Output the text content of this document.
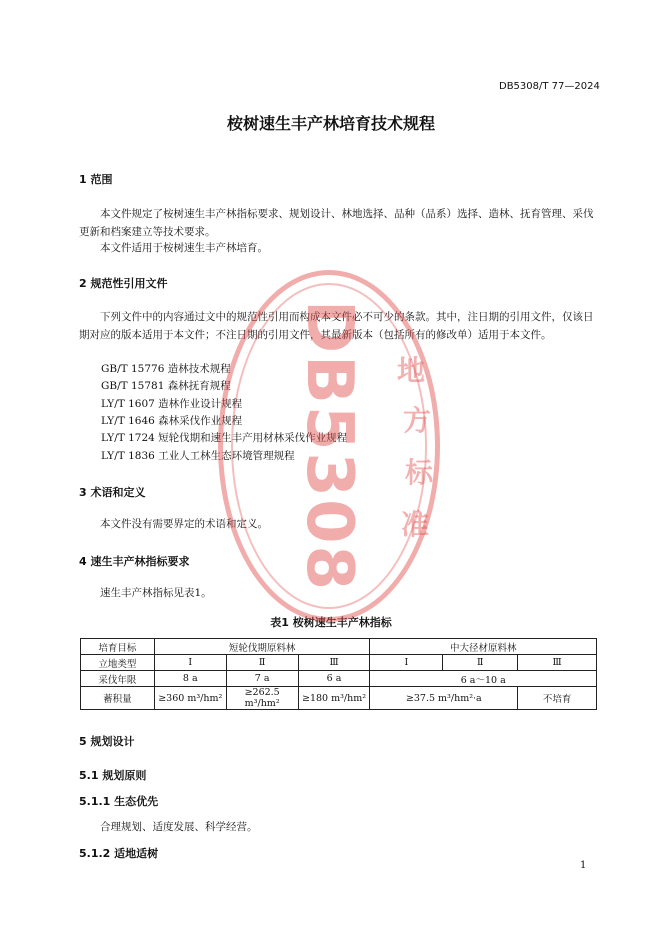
DB5308/T 77—2024
桉树速生丰产林培育技术规程
1 范围
本文件规定了桉树速生丰产林指标要求、规划设计、林地选择、品种（品系）选择、造林、抚育管理、采伐更新和档案建立等技术要求。
本文件适用于桉树速生丰产林培育。
2 规范性引用文件
下列文件中的内容通过文中的规范性引用而构成本文件必不可少的条款。其中，注日期的引用文件，仅该日期对应的版本适用于本文件；不注日期的引用文件，其最新版本（包括所有的修改单）适用于本文件。
GB/T 15776 造林技术规程
GB/T 15781 森林抚育规程
LY/T 1607 造林作业设计规程
LY/T 1646 森林采伐作业规程
LY/T 1724 短轮伐期和速生丰产用材林采伐作业规程
LY/T 1836 工业人工林生态环境管理规程
3 术语和定义
本文件没有需要界定的术语和定义。
4 速生丰产林指标要求
速生丰产林指标见表1。
表1 桉树速生丰产林指标
培育目标	短轮伐期原料林			中大径材原料林		
立地类型	Ⅰ	Ⅱ	Ⅲ	Ⅰ	Ⅱ	Ⅲ
采伐年限	8 a	7 a	6 a	6 a～10 a		
蓄积量	≥360 m³/hm²	≥262.5 m³/hm²	≥180 m³/hm²	≥37.5 m³/hm²·a		不培育
5 规划设计
5.1 规划原则
5.1.1 生态优先
合理规划、适度发展、科学经营。
5.1.2 适地适树
1
DB5308 地
方
标
准
